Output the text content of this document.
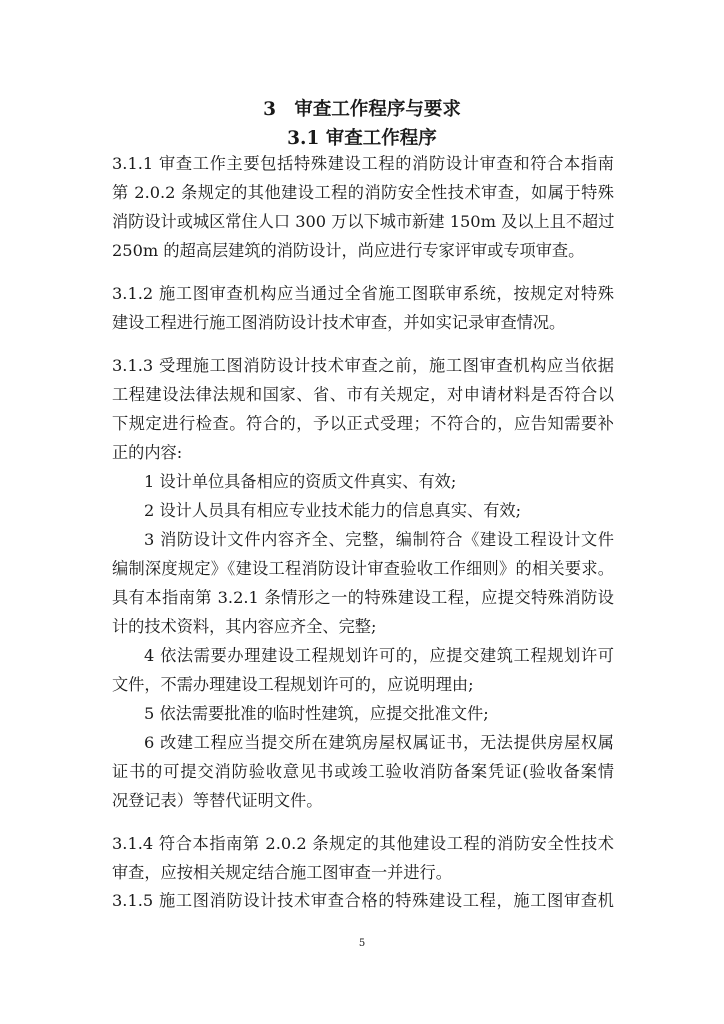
3　审查工作程序与要求
3.1 审查工作程序
3.1.1 审查工作主要包括特殊建设工程的消防设计审查和符合本指南
第 2.0.2 条规定的其他建设工程的消防安全性技术审查，如属于特殊
消防设计或城区常住人口 300 万以下城市新建 150m 及以上且不超过
250m 的超高层建筑的消防设计，尚应进行专家评审或专项审查。
3.1.2 施工图审查机构应当通过全省施工图联审系统，按规定对特殊
建设工程进行施工图消防设计技术审查，并如实记录审查情况。
3.1.3 受理施工图消防设计技术审查之前，施工图审查机构应当依据
工程建设法律法规和国家、省、市有关规定，对申请材料是否符合以
下规定进行检查。符合的，予以正式受理；不符合的，应告知需要补
正的内容:
1 设计单位具备相应的资质文件真实、有效;
2 设计人员具有相应专业技术能力的信息真实、有效;
3 消防设计文件内容齐全、完整，编制符合《建设工程设计文件
编制深度规定》《建设工程消防设计审查验收工作细则》的相关要求。
具有本指南第 3.2.1 条情形之一的特殊建设工程，应提交特殊消防设
计的技术资料，其内容应齐全、完整;
4 依法需要办理建设工程规划许可的，应提交建筑工程规划许可
文件，不需办理建设工程规划许可的，应说明理由;
5 依法需要批准的临时性建筑，应提交批准文件;
6 改建工程应当提交所在建筑房屋权属证书，无法提供房屋权属
证书的可提交消防验收意见书或竣工验收消防备案凭证(验收备案情
况登记表）等替代证明文件。
3.1.4 符合本指南第 2.0.2 条规定的其他建设工程的消防安全性技术
审查，应按相关规定结合施工图审查一并进行。
3.1.5 施工图消防设计技术审查合格的特殊建设工程，施工图审查机
5
